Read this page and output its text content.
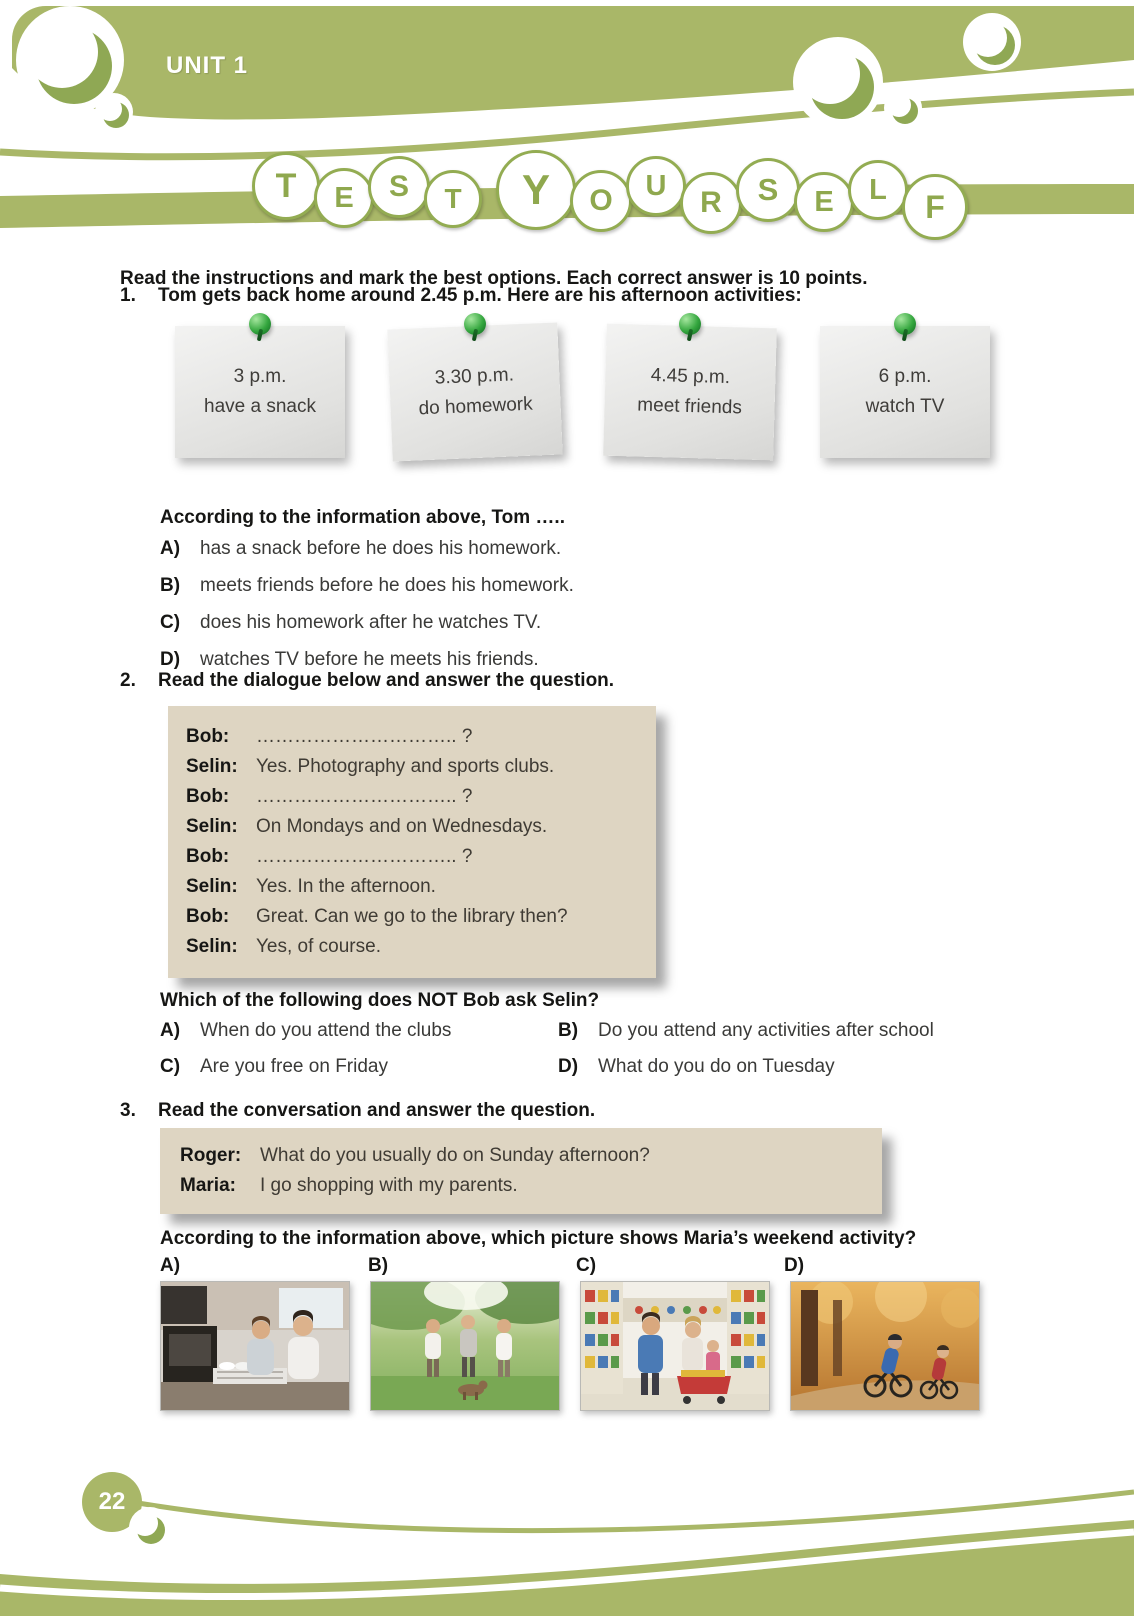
UNIT 1
T	E	S	T	Y	O	U
R	S	E	L	F

Read the instructions and mark the best options. Each correct answer is 10 points.

1.	Tom gets back home around 2.45 p.m. Here are his afternoon activities:
3 p.m.
have a snack
3.30 p.m.
do homework
4.45 p.m.
meet friends
6 p.m.
watch TV
According to the information above, Tom …..
A)	has a snack before he does his homework.
B)	meets friends before he does his homework.
C)	does his homework after he watches TV.
D)	watches TV before he meets his friends.
2.	Read the dialogue below and answer the question.
Bob:	………………………….. ?
Selin: Yes. Photography and sports clubs.
Bob:	………………………….. ?
Selin: On Mondays and on Wednesdays.
Bob:	………………………….. ?
Selin: Yes. In the afternoon.
Bob:	Great. Can we go to the library then?
Selin: Yes, of course.
Which of the following does NOT Bob ask Selin?
A)	When do you attend the clubs	B)	Do you attend any activities after school
C)	Are you free on Friday	D)	What do you do on Tuesday
3.	Read the conversation and answer the question.
Roger: What do you usually do on Sunday afternoon?
Maria:	I go shopping with my parents.
According to the information above, which picture shows Maria’s weekend activity?
A)	B)	C)	D)
22
